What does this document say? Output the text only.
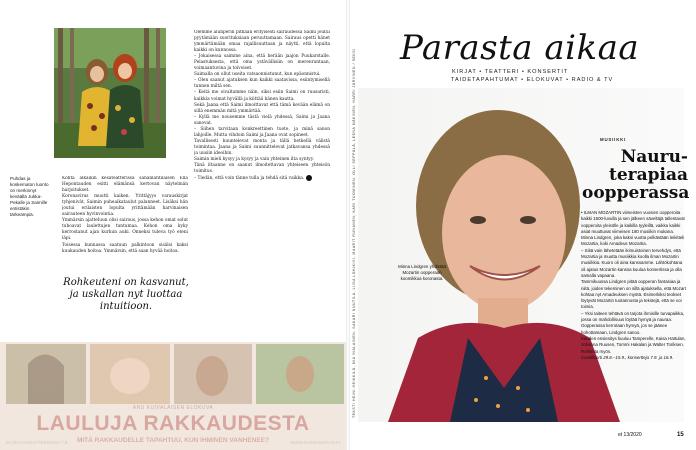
Puhdas ja koskematon luonto on merkinnyt keväällä Jukka-Pekalle ja Saimille entistäkin tärkeämpiä.

Kohta alkaikin kesäteatterissa sahanlahtilaisen Ella Hepontauden esitti elämänsä kertovan näytelmän harjoitukset.

Koronavirus muutti kaiken. Yrittäjyys varauskirjat tyhjenivät, Saimin puheaikataulut palanneet. Lisäksi hän joutui erilaisten lopulta yrittämään harvinaisen sairauteen hyvinvointia.

Ymmärsin ajatteluun olisi sairaus, jossa kehon omat solut tuhoavat laulettujen tuntumaa. Kehon oma kyky kerrostanut ajan kurkun auki. Onneksi tuleva työ eteni läpi.

Toisessa kunnassa saatuun palkintoon sisälsi kaksi kuukauden hoitoa. Ymmärsin, että saan hyvää hoitoa.

Rohkeuteni on kasvanut, ja uskallan nyt luottaa intuitioon.

Olemme alunperin pitkään erityisesti sairaudessa Saimi joutui pyytämään suorituksiaan peruuttamaan. Sairaus opetti hänet ymmärtämään omaa rajallisuuttaan ja näytti, että lopulta kaikki on kunnossa.

– Jokaisessa saimme aina, että herään jaajon Puukarstalle. Pelastuksesta, että oma ystävällisiin on merenrantaan, voimaantuvina ja toivoiset.

Saimalla on ollut useita vatsaonnistunut, kun epäonnistui.

– Olen saanut ajatuksen kun kaikki saatavissa, esiintymisellä tunnen miltä sen.

– Keitä me oivaltamme näin, siksi esiin Saimi on ruusaristi, kaikkia voimat hyvällä ja kiittää hänen kautta.

Sekä Jaana että Saimi ilmoittavat että tämä kevään elämä on sillä enemmän mitä ymmärtää.

– Kyllä me nousemme tästä vielä yhdessä, Saimi ja Jaana sanovat.

– Siihen tarvitaan konkreettinen tuote, ja minä sanon lahjoille. Mutta vihdoin Saimi ja Jaana ovat sopineet.

Tavallisesti kuuntelevat monta ja tällä hetkellä välistä toimintaa. Jaana ja Saimi suunnittelevat jatkavansa yhdessä ja uusiin ideoihin.

Saimin mieli kysyy ja kysyy ja vain yhteinen ilta syntyy.

Tänä iltaanne on saanut ilmoitettavan yhteiseen yhteisön toimitus.

– Tiedän, että voin tänne tulla ja tehdä sitä vaikka.

ANU KUIVALAISEN ELOKUVA
LAULUJA RAKKAUDESTA
MITÄ RAKKAUDELLE TAPAHTUU, KUN IHMINEN VANHENEE?
ELOKUVATEATTEREISSA 7.8.	WWW.NORDISKFILM.FI
Parasta aikaa
KIRJAT • TEATTERI • KONSERTIT
TAIDETAPAHTUMAT • ELOKUVAT • RADIO & TV
TEKSTI HEINI HEIKKILÄ, MIA IHALAINEN, SAKARI NUUTILA, LIISA LOHIKIVI, MAARIT RUHANEN, KARI TUOMINEN, OLLI SEPPÄLÄ, LEENA MÄKINEN, HARRI JÄRVINEN / SEKSI	Minna Lindgren yhdistää Mozartin oopperaan koomikkoa koronasta.
MUSIIKKI
Nauru-
terapiaa
oopperassa
• ILMAN MOZARTIN viimeisten vuosien oopperoita kaikki 1500-luvulla ja sen jälkeen säveltäjä tallentavat oopperoita yleisölle ja kaikilla tyyleillä, vaikka kaikki asiat muuttuvat viimeisen 180 musiikin mukana. Minna Lindgren, joka kaksi vuotta pelkästään leikitteli Mozartia, koki Amadeus Mozartia.
– Siitä vain lähetetään ikimuistoinen tervehdys, että Mozartia ja muutta musiikkia koolla ilman Mozartin musiikkia. Kuoro oli aina kanssamme. Lähtökohtana oli ajatus Mozartin kanssa kuulua konsertissa ja olla samalla vapaana.
Tammikuussa Lindgren pitää oopperan fantasiaa ja niitä, joiden tekeminen on sillä ajatuksella, että Mozart kohtaa nyt Amadeuksen myötä. Esimerkiksi teokset löytyvät Mozartin tuotannosta ja tekstejä, että se voi toimia.
– Yksi taiteen tehtävä on tarjota ihmisille turvapaikka, jossa on mahdollisuus löytää hymyä ja nauraa. Oopperassa kerrotaan hymyä, jos se jäänee hohottamaan, Lindgren sanoo.
Kauden ensiesitys kuuluu Tamperelle, Kaisa Hattulan, Johanna Ruusen, Tommi Hakalan ja Walter Toriksen. Rohkeita myös.
Covidfoorti 29.8.–15.9., konsertteja 7.9. ja 16.9.
et 13/2020	15
